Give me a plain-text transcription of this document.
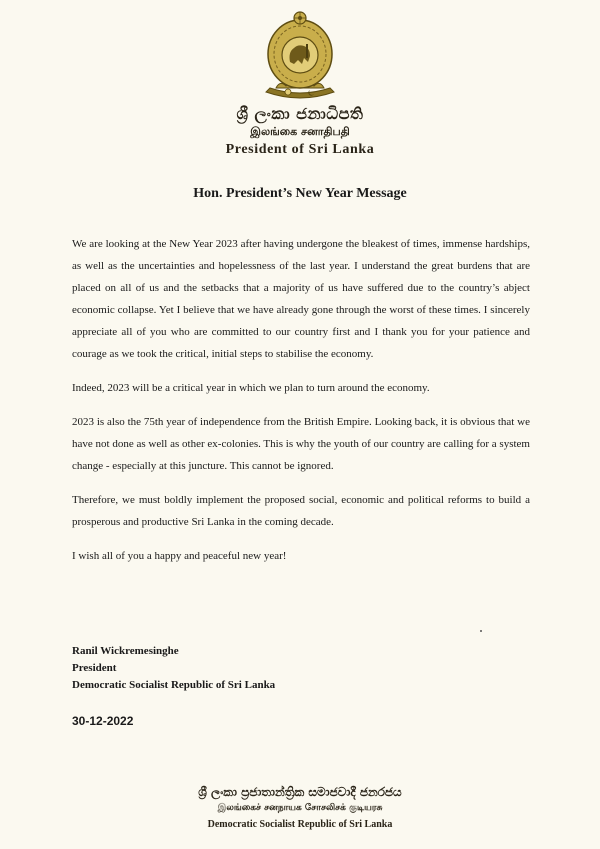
ශ්‍රී ලංකා ජනාධිපති
இலங்கை சனாதிபதி
President of Sri Lanka
Hon. President’s New Year Message

We are looking at the New Year 2023 after having undergone the bleakest of times, immense hardships, as well as the uncertainties and hopelessness of the last year. I understand the great burdens that are placed on all of us and the setbacks that a majority of us have suffered due to the country’s abject economic collapse. Yet I believe that we have already gone through the worst of these times. I sincerely appreciate all of you who are committed to our country first and I thank you for your patience and courage as we took the critical, initial steps to stabilise the economy.

Indeed, 2023 will be a critical year in which we plan to turn around the economy.

2023 is also the 75th year of independence from the British Empire. Looking back, it is obvious that we have not done as well as other ex-colonies. This is why the youth of our country are calling for a system change - especially at this juncture. This cannot be ignored.

Therefore, we must boldly implement the proposed social, economic and political reforms to build a prosperous and productive Sri Lanka in the coming decade.

I wish all of you a happy and peaceful new year!

Ranil Wickremesinghe
President
Democratic Socialist Republic of Sri Lanka
30-12-2022
ශ්‍රී ලංකා ප්‍රජාතාන්ත්‍රික සමාජවාදී ජනරජය
இலங்கைச் சனநாயக சோசலிசக் குடியரசு
Democratic Socialist Republic of Sri Lanka
